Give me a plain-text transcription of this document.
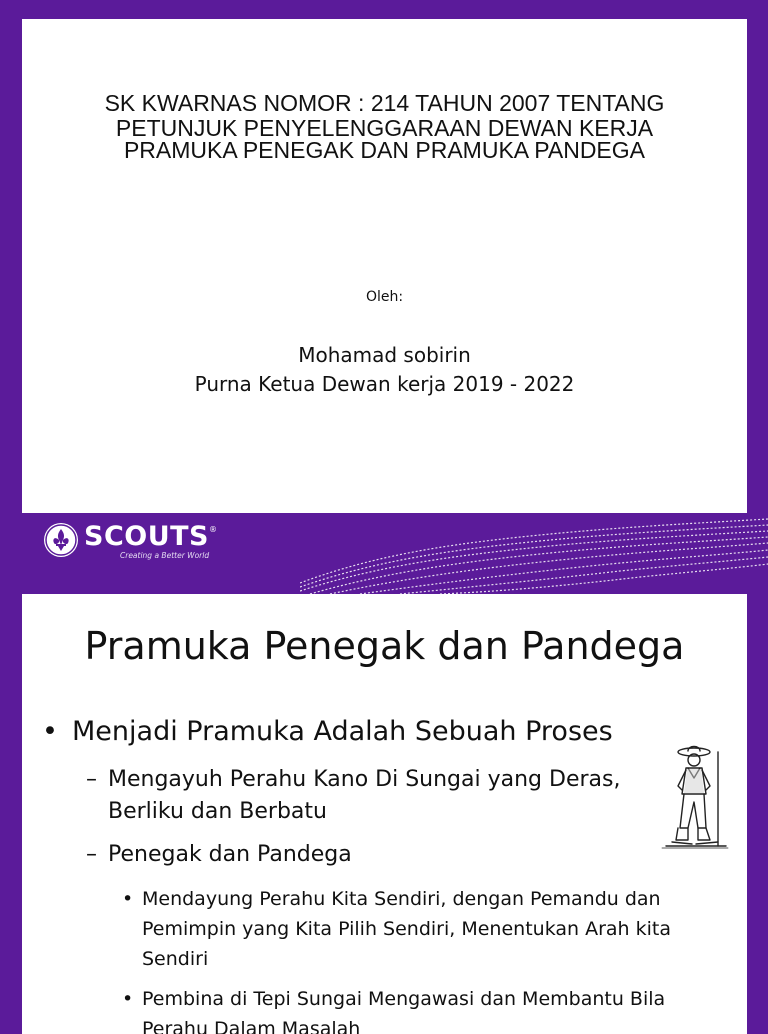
SK KWARNAS NOMOR : 214 TAHUN 2007 TENTANG
PETUNJUK PENYELENGGARAAN DEWAN KERJA
PRAMUKA PENEGAK DAN PRAMUKA PANDEGA
Oleh:
Mohamad sobirin
Purna Ketua Dewan kerja 2019 - 2022
SCOUTS®
Creating a Better World
Pramuka Penegak dan Pandega
• Menjadi Pramuka Adalah Sebuah Proses
– Mengayuh Perahu Kano Di Sungai yang Deras,
Berliku dan Berbatu
– Penegak dan Pandega
• Mendayung Perahu Kita Sendiri, dengan Pemandu dan
Pemimpin yang Kita Pilih Sendiri, Menentukan Arah kita
Sendiri
• Pembina di Tepi Sungai Mengawasi dan Membantu Bila
Perahu Dalam Masalah
